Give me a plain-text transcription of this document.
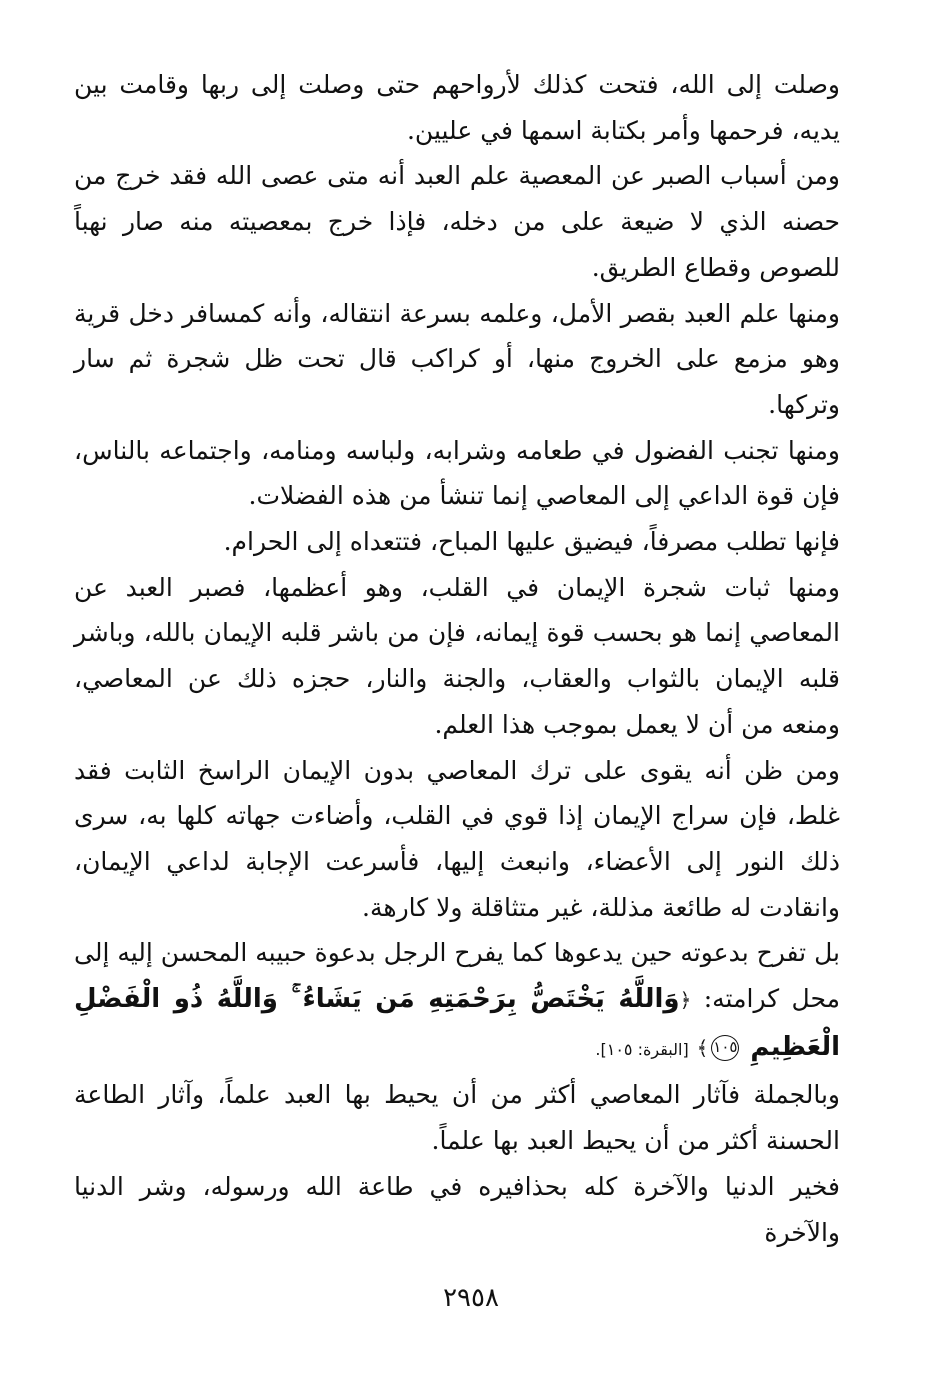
وصلت إلى الله، فتحت كذلك لأرواحهم حتى وصلت إلى ربها وقامت بين يديه، فرحمها وأمر بكتابة اسمها في عليين.

ومن أسباب الصبر عن المعصية علم العبد أنه متى عصى الله فقد خرج من حصنه الذي لا ضيعة على من دخله، فإذا خرج بمعصيته منه صار نهباً للصوص وقطاع الطريق.

ومنها علم العبد بقصر الأمل، وعلمه بسرعة انتقاله، وأنه كمسافر دخل قرية وهو مزمع على الخروج منها، أو كراكب قال تحت ظل شجرة ثم سار وتركها.

ومنها تجنب الفضول في طعامه وشرابه، ولباسه ومنامه، واجتماعه بالناس، فإن قوة الداعي إلى المعاصي إنما تنشأ من هذه الفضلات.

فإنها تطلب مصرفاً، فيضيق عليها المباح، فتتعداه إلى الحرام.

ومنها ثبات شجرة الإيمان في القلب، وهو أعظمها، فصبر العبد عن المعاصي إنما هو بحسب قوة إيمانه، فإن من باشر قلبه الإيمان بالله، وباشر قلبه الإيمان بالثواب والعقاب، والجنة والنار، حجزه ذلك عن المعاصي، ومنعه من أن لا يعمل بموجب هذا العلم.

ومن ظن أنه يقوى على ترك المعاصي بدون الإيمان الراسخ الثابت فقد غلط، فإن سراج الإيمان إذا قوي في القلب، وأضاءت جهاته كلها به، سرى ذلك النور إلى الأعضاء، وانبعث إليها، فأسرعت الإجابة لداعي الإيمان، وانقادت له طائعة مذللة، غير متثاقلة ولا كارهة.

بل تفرح بدعوته حين يدعوها كما يفرح الرجل بدعوة حبيبه المحسن إليه إلى محل كرامته: ﴿وَاللَّهُ يَخْتَصُّ بِرَحْمَتِهِ مَن يَشَاءُ ۚ وَاللَّهُ ذُو الْفَضْلِ الْعَظِيمِ ١٠٥﴾ [البقرة: ١٠٥].

وبالجملة فآثار المعاصي أكثر من أن يحيط بها العبد علماً، وآثار الطاعة الحسنة أكثر من أن يحيط العبد بها علماً.

فخير الدنيا والآخرة كله بحذافيره في طاعة الله ورسوله، وشر الدنيا والآخرة

٢٩٥٨
